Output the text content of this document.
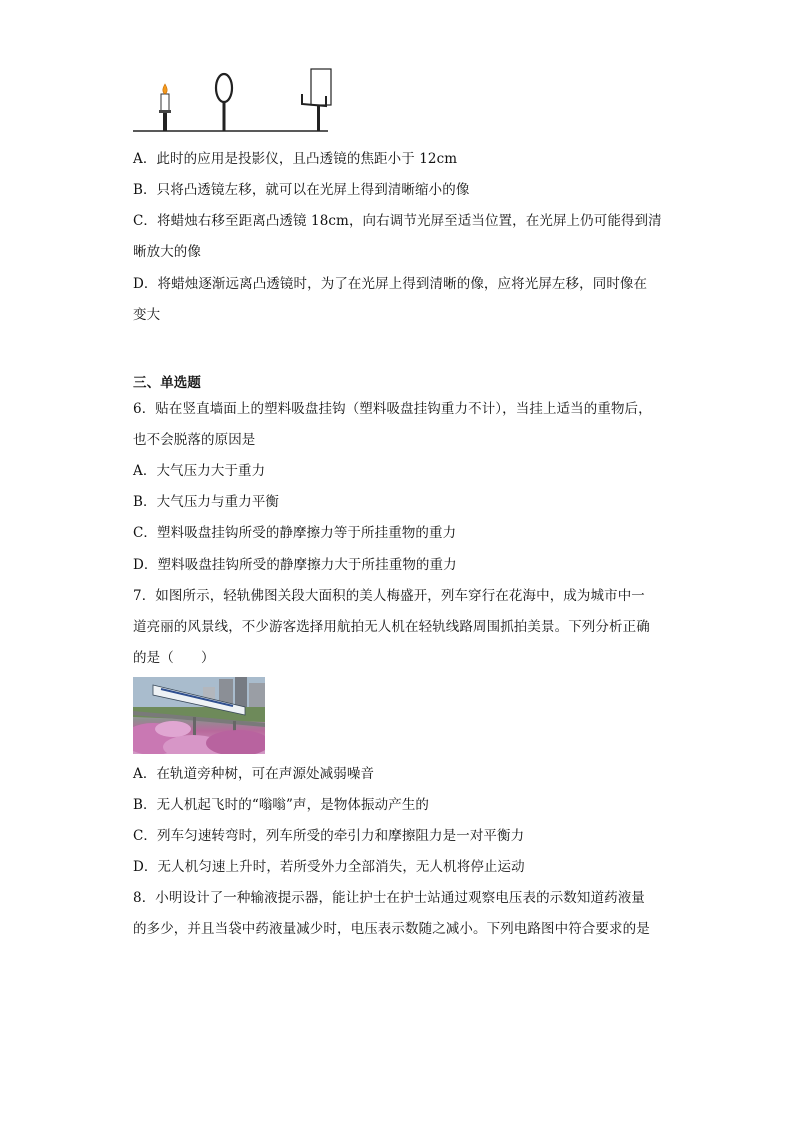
A．此时的应用是投影仪，且凸透镜的焦距小于 12cm
B．只将凸透镜左移，就可以在光屏上得到清晰缩小的像
C．将蜡烛右移至距离凸透镜 18cm，向右调节光屏至适当位置，在光屏上仍可能得到清
晰放大的像
D．将蜡烛逐渐远离凸透镜时，为了在光屏上得到清晰的像，应将光屏左移，同时像在
变大
三、单选题
6．贴在竖直墙面上的塑料吸盘挂钩（塑料吸盘挂钩重力不计），当挂上适当的重物后，
也不会脱落的原因是
A．大气压力大于重力
B．大气压力与重力平衡
C．塑料吸盘挂钩所受的静摩擦力等于所挂重物的重力
D．塑料吸盘挂钩所受的静摩擦力大于所挂重物的重力
7．如图所示，轻轨佛图关段大面积的美人梅盛开，列车穿行在花海中，成为城市中一
道亮丽的风景线，不少游客选择用航拍无人机在轻轨线路周围抓拍美景。下列分析正确
的是（　　）
A．在轨道旁种树，可在声源处减弱噪音
B．无人机起飞时的“嗡嗡”声，是物体振动产生的
C．列车匀速转弯时，列车所受的牵引力和摩擦阻力是一对平衡力
D．无人机匀速上升时，若所受外力全部消失，无人机将停止运动
8．小明设计了一种输液提示器，能让护士在护士站通过观察电压表的示数知道药液量
的多少，并且当袋中药液量减少时，电压表示数随之减小。下列电路图中符合要求的是
